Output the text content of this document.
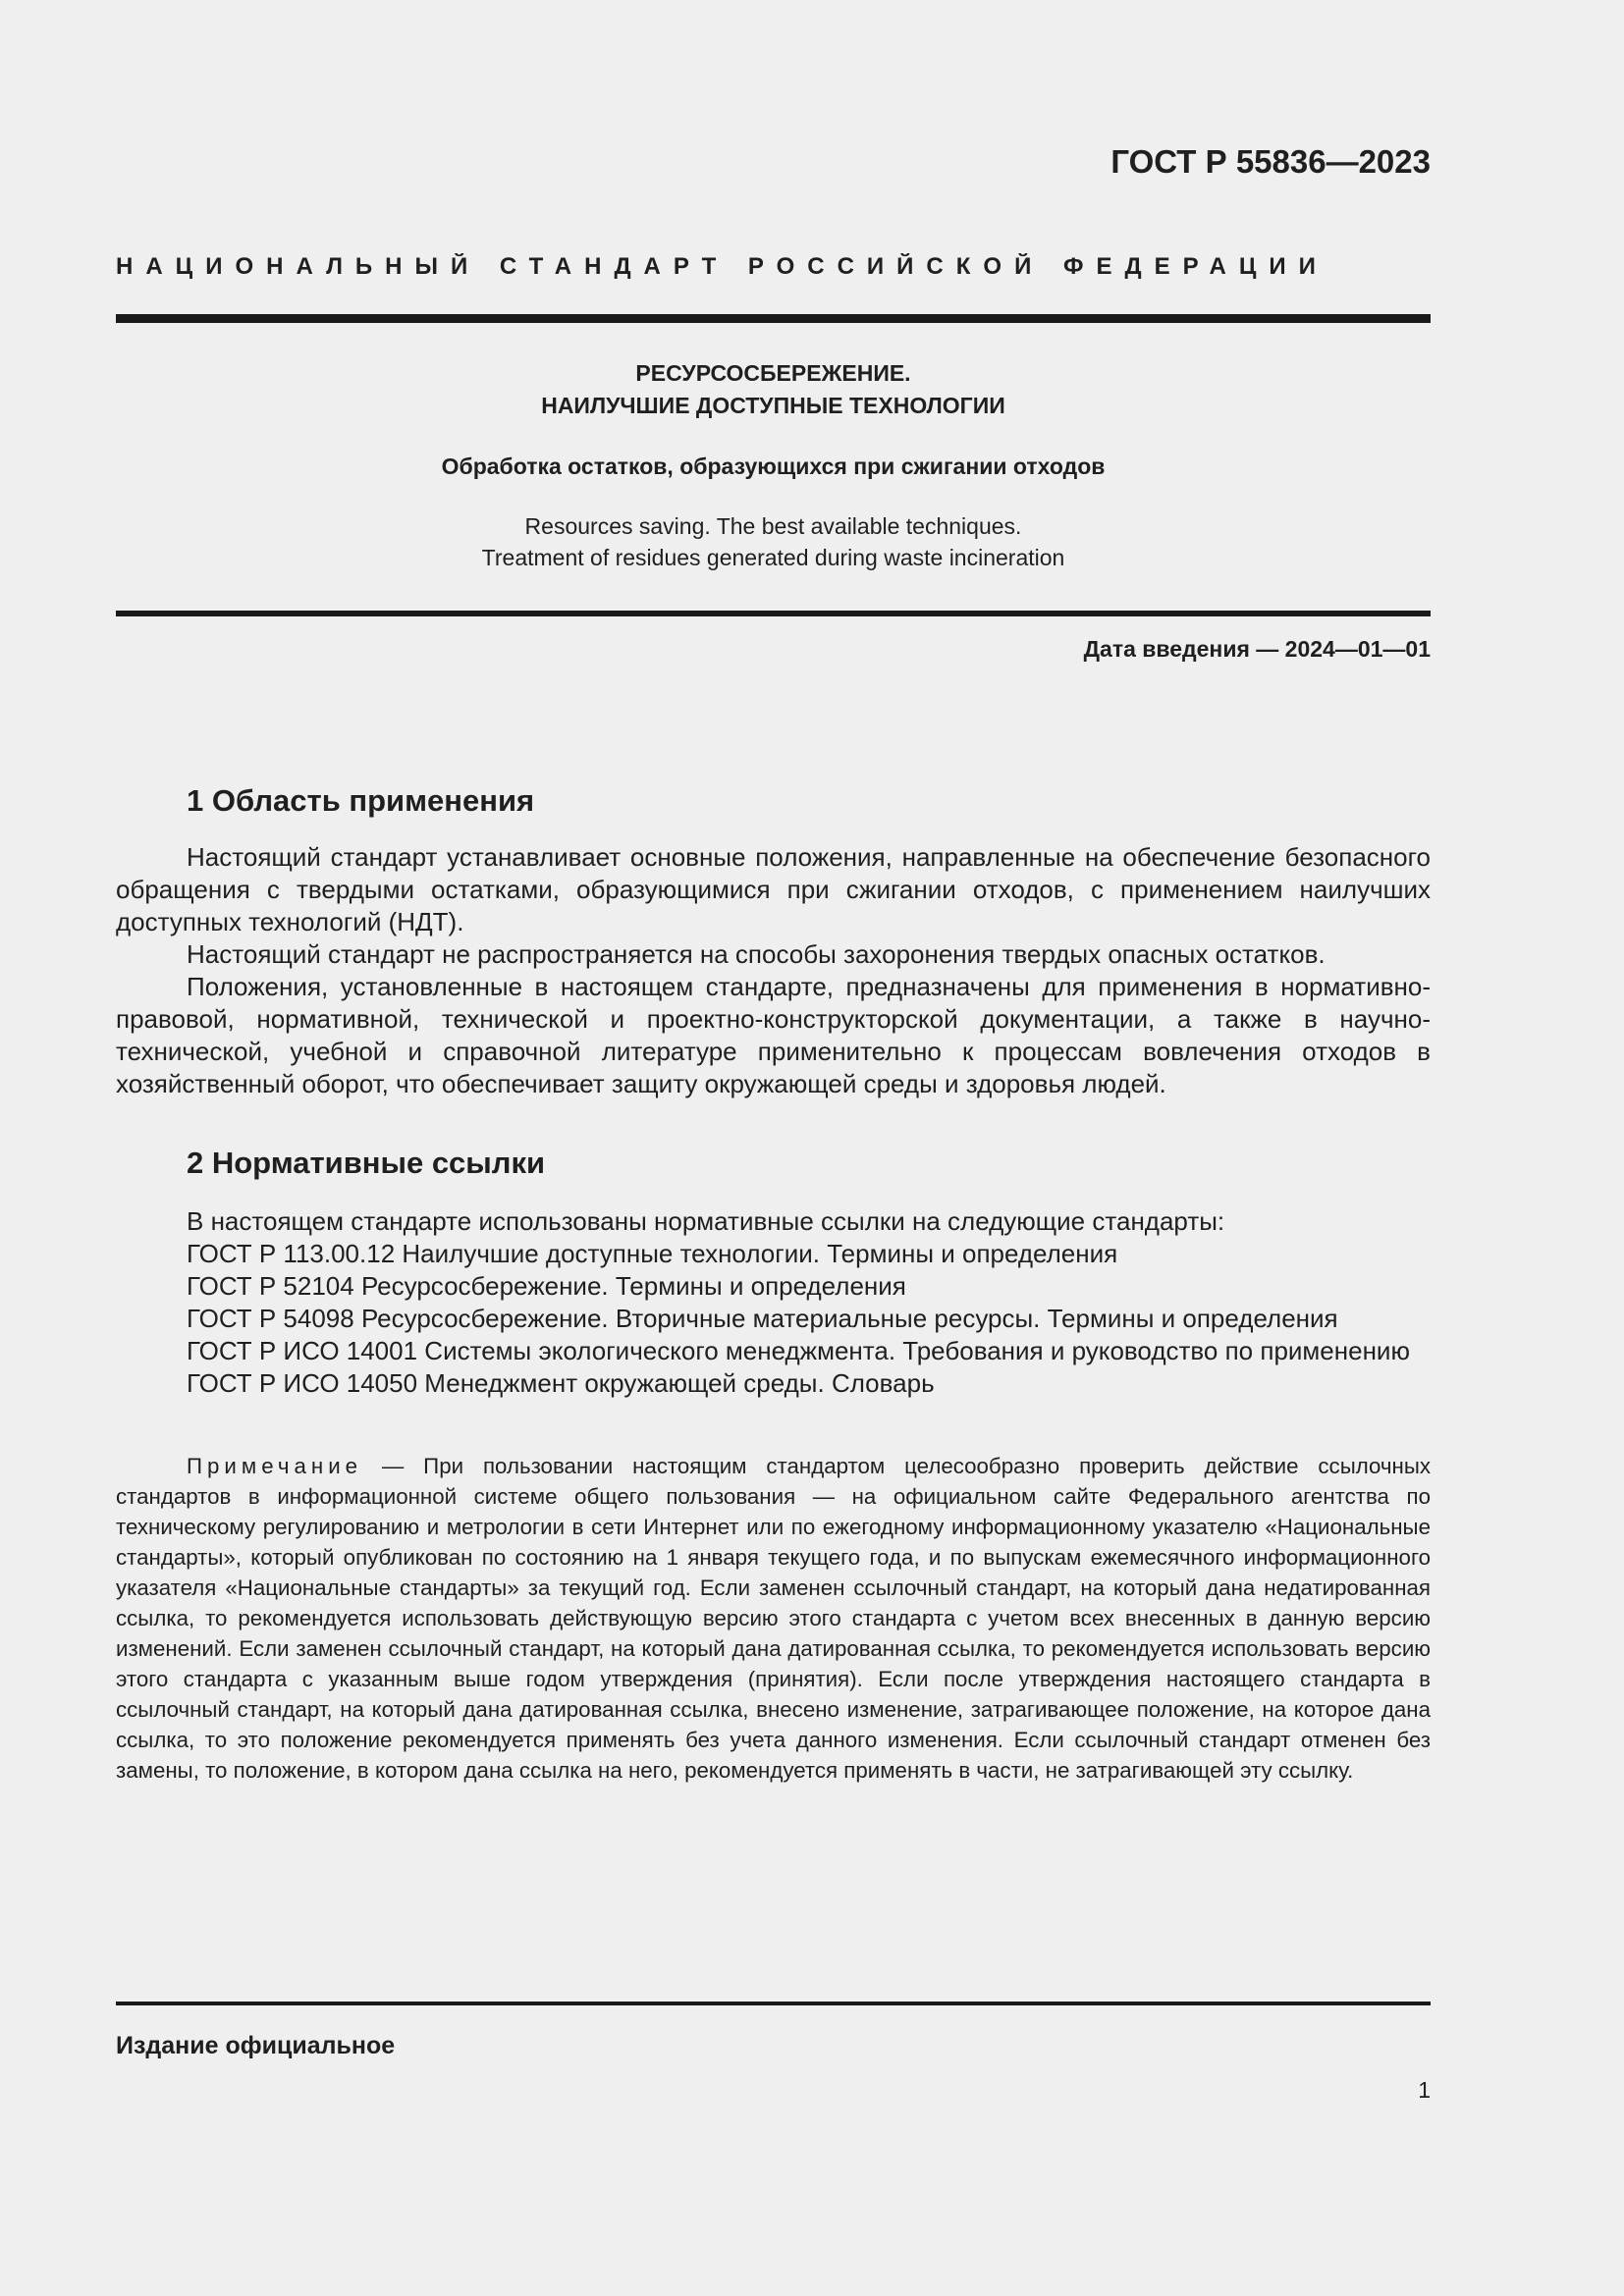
ГОСТ Р 55836—2023
НАЦИОНАЛЬНЫЙ СТАНДАРТ РОССИЙСКОЙ ФЕДЕРАЦИИ
РЕСУРСОСБЕРЕЖЕНИЕ.
НАИЛУЧШИЕ ДОСТУПНЫЕ ТЕХНОЛОГИИ
Обработка остатков, образующихся при сжигании отходов
Resources saving. The best available techniques.
Treatment of residues generated during waste incineration
Дата введения — 2024—01—01
1 Область применения

Настоящий стандарт устанавливает основные положения, направленные на обеспечение безопасного обращения с твердыми остатками, образующимися при сжигании отходов, с применением наилучших доступных технологий (НДТ).

Настоящий стандарт не распространяется на способы захоронения твердых опасных остатков.

Положения, установленные в настоящем стандарте, предназначены для применения в нормативно-правовой, нормативной, технической и проектно-конструкторской документации, а также в научно-технической, учебной и справочной литературе применительно к процессам вовлечения отходов в хозяйственный оборот, что обеспечивает защиту окружающей среды и здоровья людей.

2 Нормативные ссылки

В настоящем стандарте использованы нормативные ссылки на следующие стандарты:

ГОСТ Р 113.00.12 Наилучшие доступные технологии. Термины и определения

ГОСТ Р 52104 Ресурсосбережение. Термины и определения

ГОСТ Р 54098 Ресурсосбережение. Вторичные материальные ресурсы. Термины и определения

ГОСТ Р ИСО 14001 Системы экологического менеджмента. Требования и руководство по применению

ГОСТ Р ИСО 14050 Менеджмент окружающей среды. Словарь

Примечание — При пользовании настоящим стандартом целесообразно проверить действие ссылочных стандартов в информационной системе общего пользования — на официальном сайте Федерального агентства по техническому регулированию и метрологии в сети Интернет или по ежегодному информационному указателю «Национальные стандарты», который опубликован по состоянию на 1 января текущего года, и по выпускам ежемесячного информационного указателя «Национальные стандарты» за текущий год. Если заменен ссылочный стандарт, на который дана недатированная ссылка, то рекомендуется использовать действующую версию этого стандарта с учетом всех внесенных в данную версию изменений. Если заменен ссылочный стандарт, на который дана датированная ссылка, то рекомендуется использовать версию этого стандарта с указанным выше годом утверждения (принятия). Если после утверждения настоящего стандарта в ссылочный стандарт, на который дана датированная ссылка, внесено изменение, затрагивающее положение, на которое дана ссылка, то это положение рекомендуется применять без учета данного изменения. Если ссылочный стандарт отменен без замены, то положение, в котором дана ссылка на него, рекомендуется применять в части, не затрагивающей эту ссылку.

Издание официальное
1
